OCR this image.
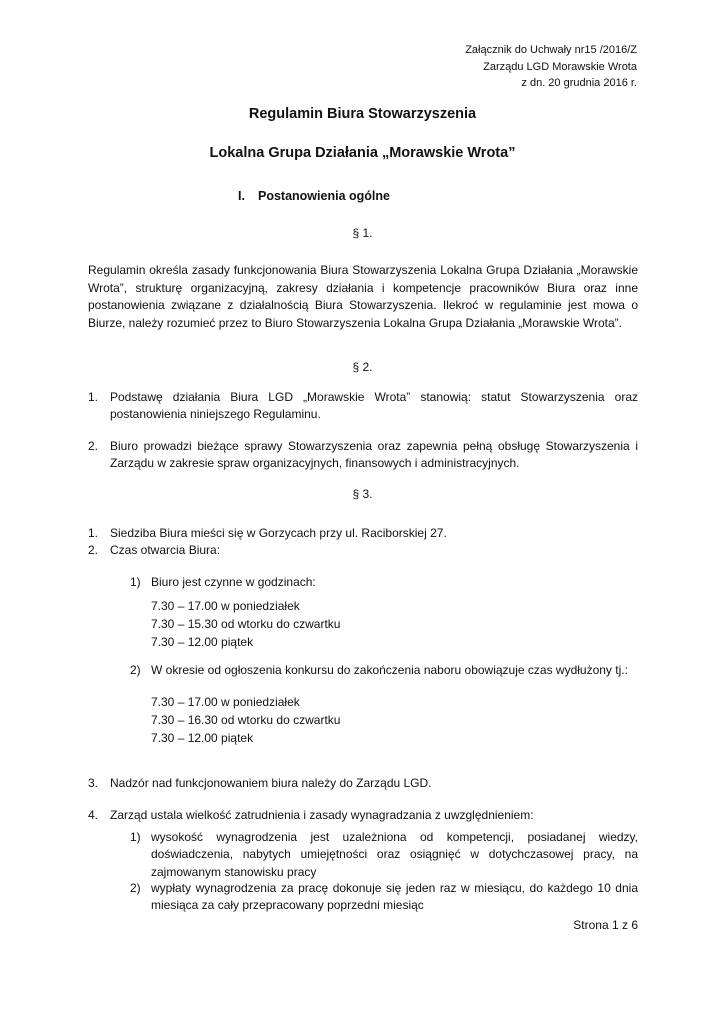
Załącznik do Uchwały nr15 /2016/Z
Zarządu LGD Morawskie Wrota
z dn. 20 grudnia 2016 r.
Regulamin Biura Stowarzyszenia
Lokalna Grupa Działania „Morawskie Wrota”
I. Postanowienia ogólne
§ 1.
Regulamin określa zasady funkcjonowania Biura Stowarzyszenia Lokalna Grupa Działania „Morawskie Wrota”, strukturę organizacyjną, zakresy działania i kompetencje pracowników Biura oraz inne postanowienia związane z działalnością Biura Stowarzyszenia. Ilekroć w regulaminie jest mowa o Biurze, należy rozumieć przez to Biuro Stowarzyszenia Lokalna Grupa Działania „Morawskie Wrota”.
§ 2.
1. Podstawę działania Biura LGD „Morawskie Wrota” stanowią: statut Stowarzyszenia oraz postanowienia niniejszego Regulaminu.
2. Biuro prowadzi bieżące sprawy Stowarzyszenia oraz zapewnia pełną obsługę Stowarzyszenia i Zarządu w zakresie spraw organizacyjnych, finansowych i administracyjnych.
§ 3.
1. Siedziba Biura mieści się w Gorzycach przy ul. Raciborskiej 27.
2. Czas otwarcia Biura:
1) Biuro jest czynne w godzinach:
7.30 – 17.00 w poniedziałek
7.30 – 15.30 od wtorku do czwartku
7.30 – 12.00 piątek
2) W okresie od ogłoszenia konkursu do zakończenia naboru obowiązuje czas wydłużony tj.:
7.30 – 17.00 w poniedziałek
7.30 – 16.30 od wtorku do czwartku
7.30 – 12.00 piątek
3. Nadzór nad funkcjonowaniem biura należy do Zarządu LGD.
4. Zarząd ustala wielkość zatrudnienia i zasady wynagradzania z uwzględnieniem:
1) wysokość wynagrodzenia jest uzależniona od kompetencji, posiadanej wiedzy, doświadczenia, nabytych umiejętności oraz osiągnięć w dotychczasowej pracy, na zajmowanym stanowisku pracy
2) wypłaty wynagrodzenia za pracę dokonuje się jeden raz w miesiącu, do każdego 10 dnia miesiąca za cały przepracowany poprzedni miesiąc
Strona 1 z 6
